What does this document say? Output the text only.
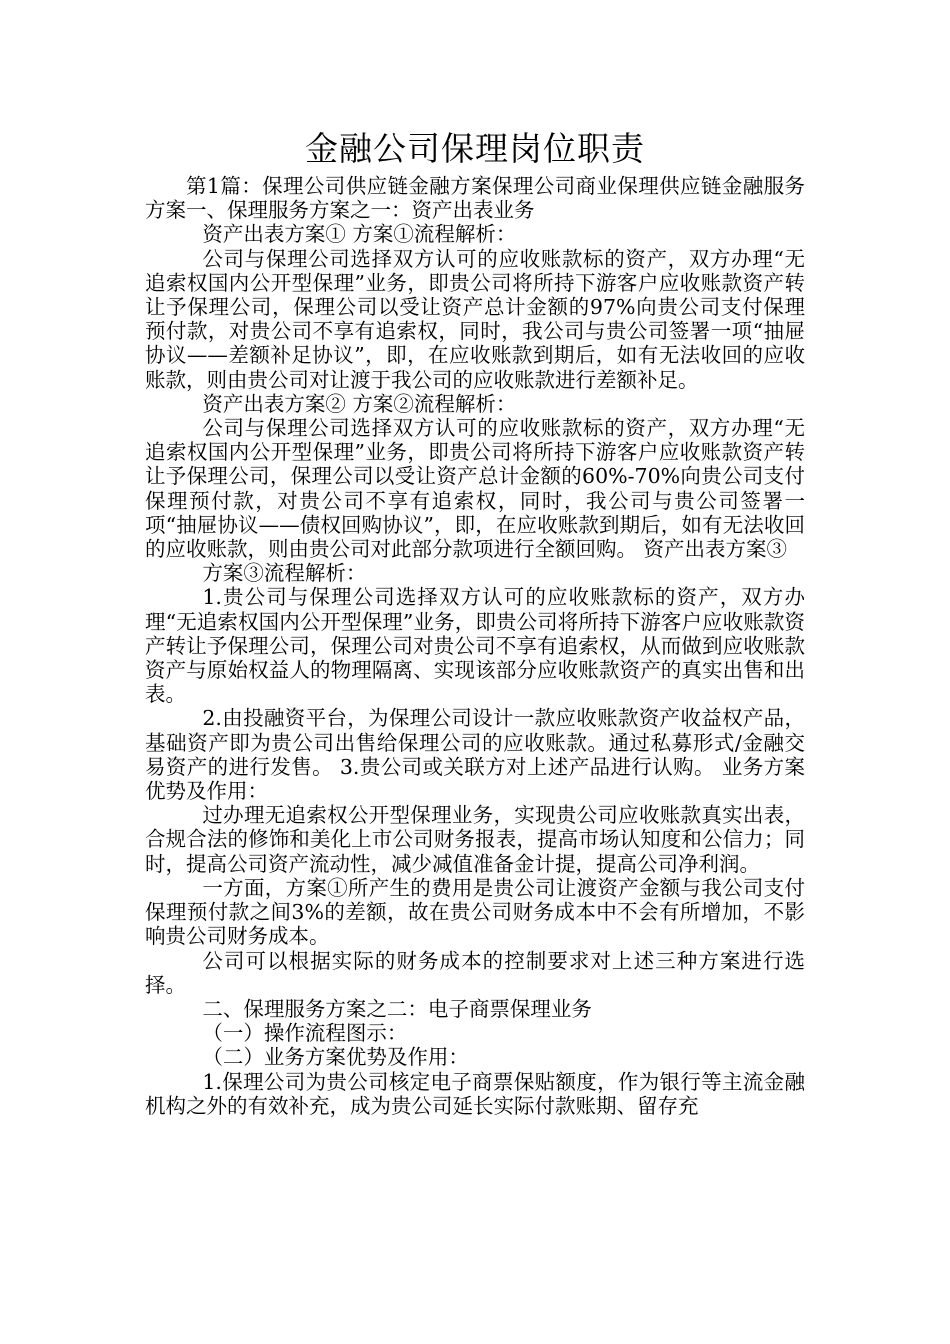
金融公司保理岗位职责

第1篇：保理公司供应链金融方案保理公司商业保理供应链金融服务方案一、保理服务方案之一：资产出表业务

资产出表方案① 方案①流程解析：

公司与保理公司选择双方认可的应收账款标的资产，双方办理“无追索权国内公开型保理”业务，即贵公司将所持下游客户应收账款资产转让予保理公司，保理公司以受让资产总计金额的97%向贵公司支付保理预付款，对贵公司不享有追索权，同时，我公司与贵公司签署一项“抽屉协议——差额补足协议”，即，在应收账款到期后，如有无法收回的应收账款，则由贵公司对让渡于我公司的应收账款进行差额补足。

资产出表方案② 方案②流程解析：

公司与保理公司选择双方认可的应收账款标的资产，双方办理“无追索权国内公开型保理”业务，即贵公司将所持下游客户应收账款资产转让予保理公司，保理公司以受让资产总计金额的60%-70%向贵公司支付保理预付款，对贵公司不享有追索权，同时，我公司与贵公司签署一项“抽屉协议——债权回购协议”，即，在应收账款到期后，如有无法收回的应收账款，则由贵公司对此部分款项进行全额回购。 资产出表方案③

方案③流程解析：

1.贵公司与保理公司选择双方认可的应收账款标的资产，双方办理“无追索权国内公开型保理”业务，即贵公司将所持下游客户应收账款资产转让予保理公司，保理公司对贵公司不享有追索权，从而做到应收账款资产与原始权益人的物理隔离、实现该部分应收账款资产的真实出售和出表。

2.由投融资平台，为保理公司设计一款应收账款资产收益权产品，基础资产即为贵公司出售给保理公司的应收账款。通过私募形式/金融交易资产的进行发售。 3.贵公司或关联方对上述产品进行认购。 业务方案优势及作用：

过办理无追索权公开型保理业务，实现贵公司应收账款真实出表，合规合法的修饰和美化上市公司财务报表，提高市场认知度和公信力；同时，提高公司资产流动性，减少减值准备金计提，提高公司净利润。

一方面，方案①所产生的费用是贵公司让渡资产金额与我公司支付保理预付款之间3%的差额，故在贵公司财务成本中不会有所增加，不影响贵公司财务成本。

公司可以根据实际的财务成本的控制要求对上述三种方案进行选择。

二、保理服务方案之二：电子商票保理业务

（一）操作流程图示：

（二）业务方案优势及作用：

1.保理公司为贵公司核定电子商票保贴额度，作为银行等主流金融机构之外的有效补充，成为贵公司延长实际付款账期、留存充
